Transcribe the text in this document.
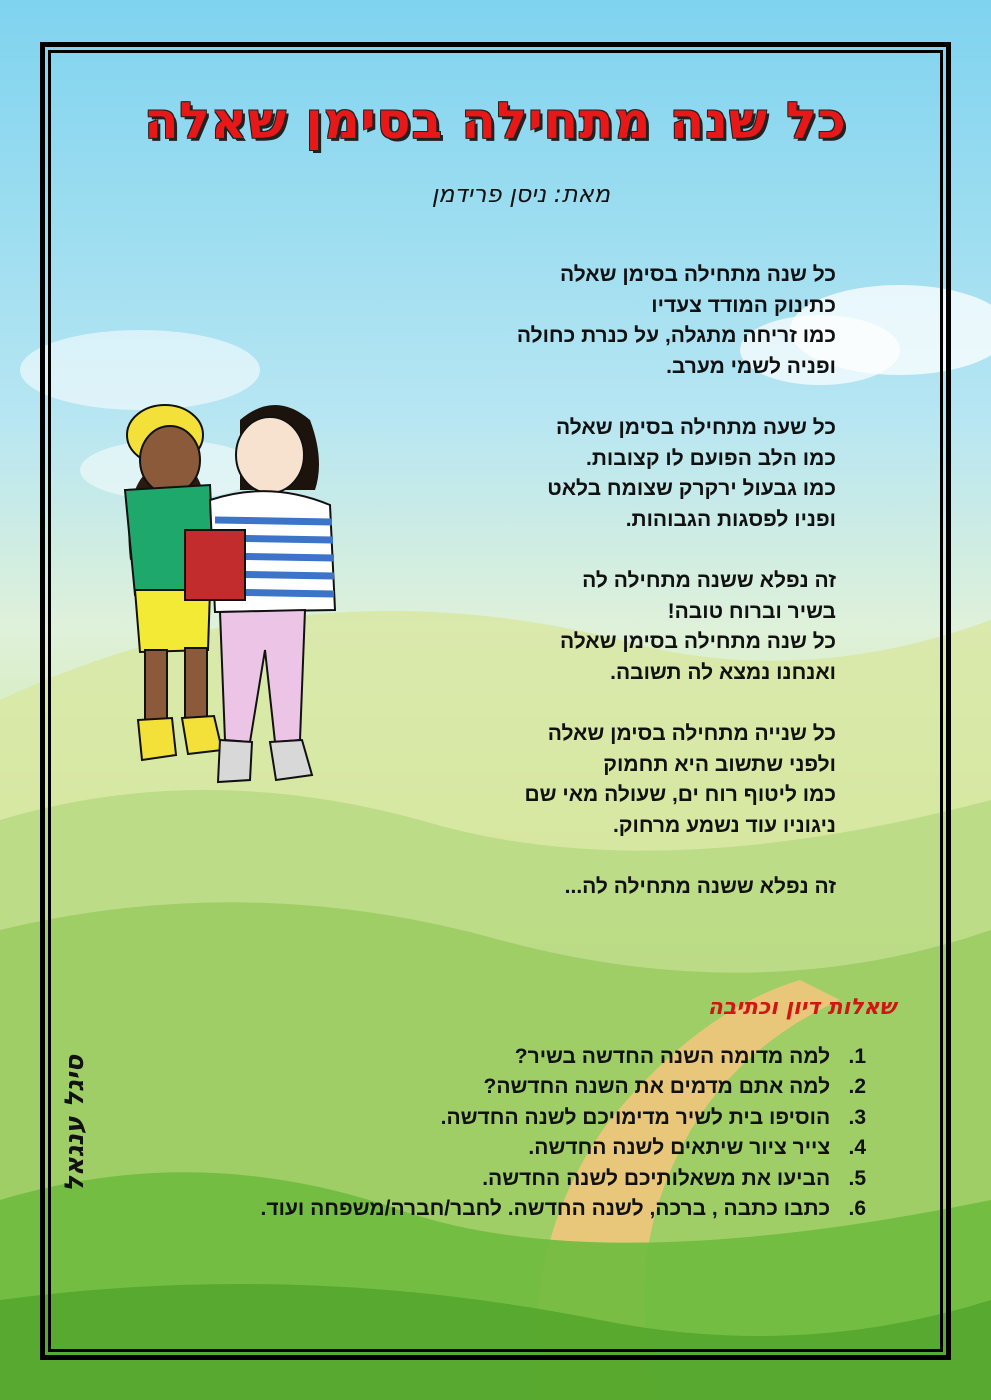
כל שנה מתחילה בסימן שאלה
מאת: ניסן פרידמן
כל שנה מתחילה בסימן שאלה
כתינוק המודד צעדיו
כמו זריחה מתגלה, על כנרת כחולה
ופניה לשמי מערב.
כל שעה מתחילה בסימן שאלה
כמו הלב הפועם לו קצובות.
כמו גבעול ירקרק שצומח בלאט
ופניו לפסגות הגבוהות.
זה נפלא ששנה מתחילה לה
בשיר וברוח טובה!
כל שנה מתחילה בסימן שאלה
ואנחנו נמצא לה תשובה.
כל שנייה מתחילה בסימן שאלה
ולפני שתשוב היא תחמוק
כמו ליטוף רוח ים, שעולה מאי שם
ניגוניו עוד נשמע מרחוק.
זה נפלא ששנה מתחילה לה...
שאלות דיון וכתיבה
1. למה מדומה השנה החדשה בשיר?
2. למה אתם מדמים את השנה החדשה?
3. הוסיפו בית לשיר מדימויכם לשנה החדשה.
4. צייר ציור שיתאים לשנה החדשה.
5. הביעו את משאלותיכם לשנה החדשה.
6. כתבו כתבה , ברכה, לשנה החדשה. לחבר/חברה/משפחה ועוד.
סיגל ענגאל
